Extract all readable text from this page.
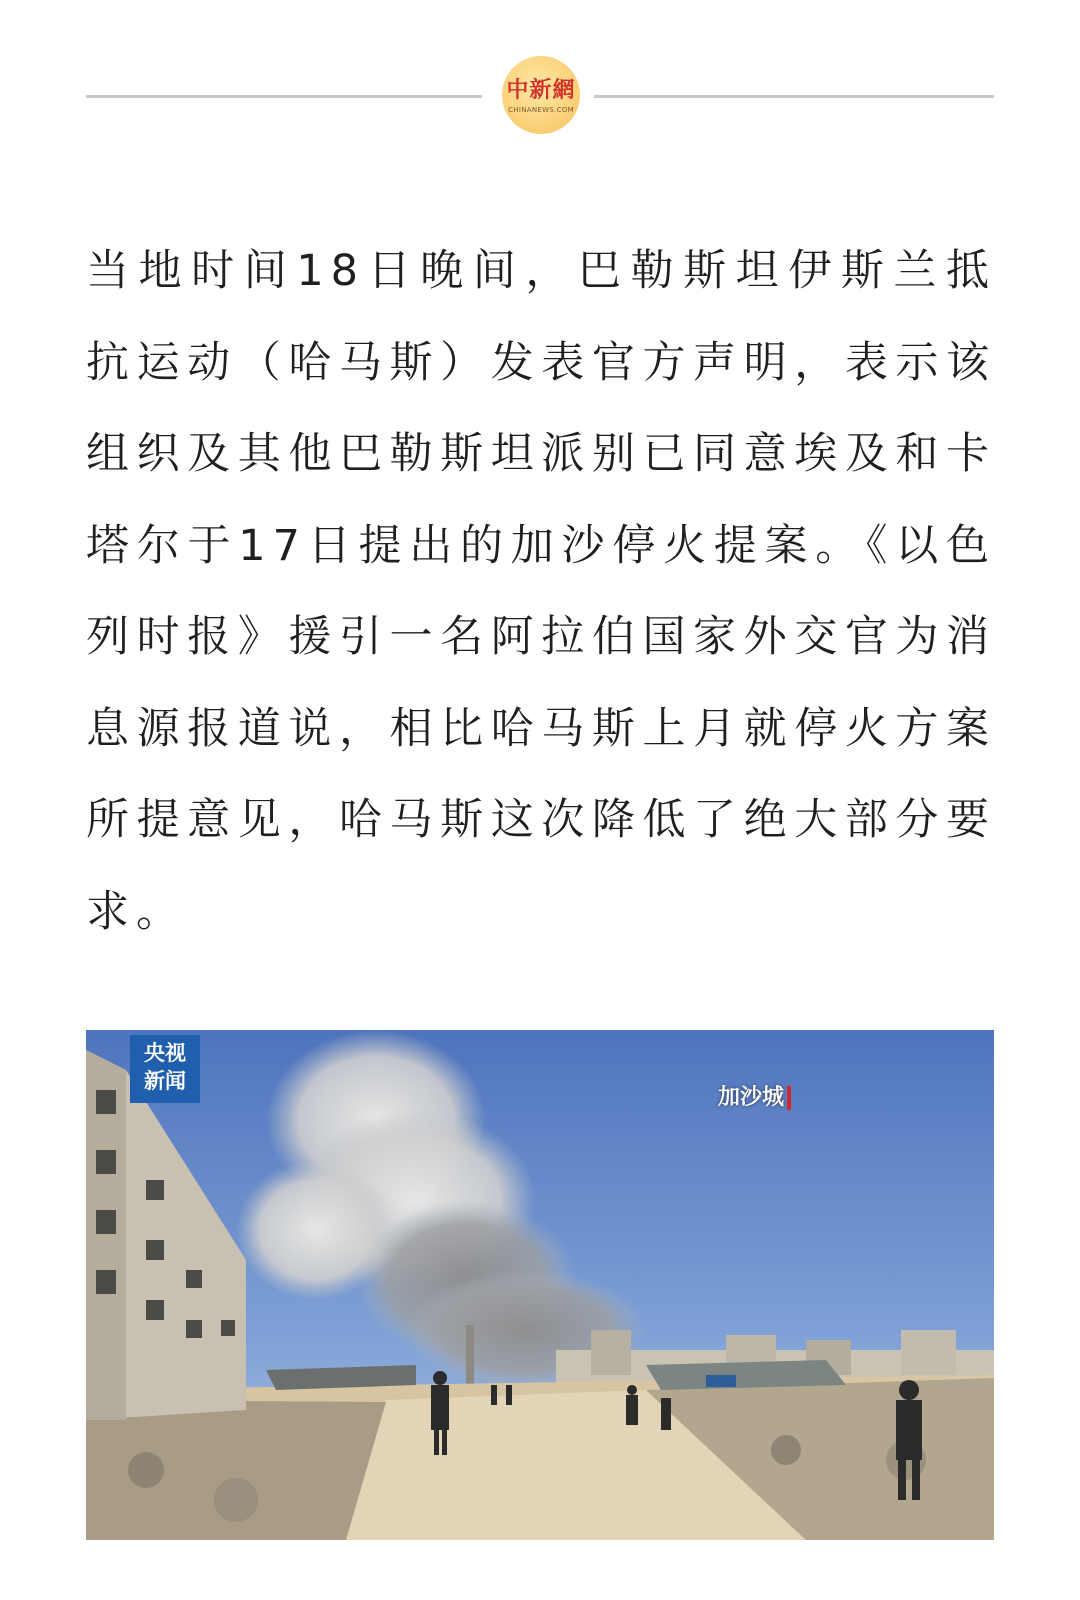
中新網
CHINANEWS.COM

当地时间18日晚间，巴勒斯坦伊斯兰抵抗运动（哈马斯）发表官方声明，表示该组织及其他巴勒斯坦派别已同意埃及和卡塔尔于17日提出的加沙停火提案。《以色列时报》援引一名阿拉伯国家外交官为消息源报道说，相比哈马斯上月就停火方案所提意见，哈马斯这次降低了绝大部分要求。

央视
新闻
加沙城
